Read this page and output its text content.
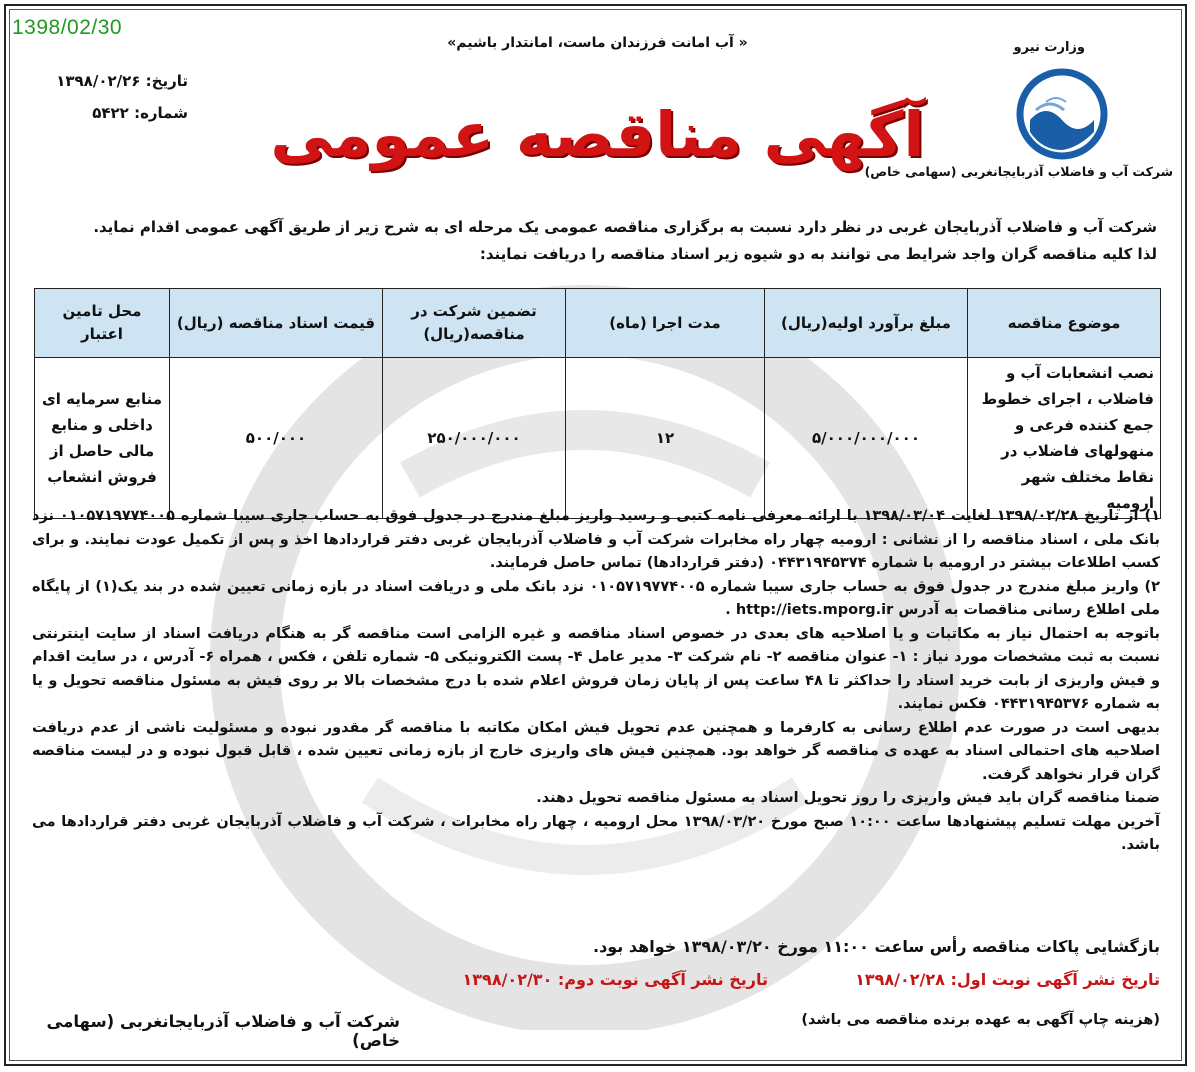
1398/02/30
« آب امانت فرزندان ماست، امانتدار باشیم»	وزارت نیرو
شرکت آب و فاضلاب آذربایجانغربی (سهامی خاص)
تاریخ: ۱۳۹۸/۰۲/۲۶
شماره: ۵۴۲۲	آگهی مناقصه عمومی
شرکت آب و فاضلاب آذربایجان غربی در نظر دارد نسبت به برگزاری مناقصه عمومی یک مرحله ای به شرح زیر از طریق آگهی عمومی اقدام نماید.
لذا کلیه مناقصه گران واجد شرایط می توانند به دو شیوه زیر اسناد مناقصه را دریافت نمایند:
موضوع مناقصه	مبلغ برآورد اولیه(ریال)	مدت اجرا (ماه)	تضمین شرکت در مناقصه(ریال)	قیمت اسناد مناقصه (ریال)	محل تامین اعتبار
نصب انشعابات آب و فاضلاب ، اجرای خطوط جمع کننده فرعی و منهولهای فاضلاب در نقاط مختلف شهر ارومیه	۵/۰۰۰/۰۰۰/۰۰۰	۱۲	۲۵۰/۰۰۰/۰۰۰	۵۰۰/۰۰۰	منابع سرمایه ای داخلی و منابع مالی حاصل از فروش انشعاب

۱) از تاریخ ۱۳۹۸/۰۲/۲۸ لغایت ۱۳۹۸/۰۳/۰۴ با ارائه معرفی نامه کتبی و رسید واریز مبلغ مندرج در جدول فوق به حساب جاری سیبا شماره ۰۱۰۵۷۱۹۷۷۴۰۰۵ نزد بانک ملی ، اسناد مناقصه را از نشانی : ارومیه چهار راه مخابرات شرکت آب و فاضلاب آذربایجان غربی دفتر قراردادها اخذ و پس از تکمیل عودت نمایند. و برای کسب اطلاعات بیشتر در ارومیه با شماره ۰۴۴۳۱۹۴۵۳۷۴ (دفتر قراردادها) تماس حاصل فرمایند.

۲) واریز مبلغ مندرج در جدول فوق به حساب جاری سیبا شماره ۰۱۰۵۷۱۹۷۷۴۰۰۵ نزد بانک ملی و دریافت اسناد در بازه زمانی تعیین شده در بند یک(۱) از پایگاه ملی اطلاع رسانی مناقصات به آدرس http://iets.mporg.ir .

باتوجه به احتمال نیاز به مکاتبات و یا اصلاحیه های بعدی در خصوص اسناد مناقصه و غیره الزامی است مناقصه گر به هنگام دریافت اسناد از سایت اینترنتی نسبت به ثبت مشخصات مورد نیاز : ۱- عنوان مناقصه ۲- نام شرکت ۳- مدیر عامل ۴- پست الکترونیکی ۵- شماره تلفن ، فکس ، همراه ۶- آدرس ، در سایت اقدام و فیش واریزی از بابت خرید اسناد را حداکثر تا ۴۸ ساعت پس از پایان زمان فروش اعلام شده با درج مشخصات بالا بر روی فیش به مسئول مناقصه تحویل و یا به شماره ۰۴۴۳۱۹۴۵۳۷۶ فکس نمایند.

بدیهی است در صورت عدم اطلاع رسانی به کارفرما و همچنین عدم تحویل فیش امکان مکاتبه با مناقصه گر مقدور نبوده و مسئولیت ناشی از عدم دریافت اصلاحیه های احتمالی اسناد به عهده ی مناقصه گر خواهد بود. همچنین فیش های واریزی خارج از بازه زمانی تعیین شده ، قابل قبول نبوده و در لیست مناقصه گران قرار نخواهد گرفت.

ضمنا مناقصه گران باید فیش واریزی را روز تحویل اسناد به مسئول مناقصه تحویل دهند.

آخرین مهلت تسلیم پیشنهادها ساعت ۱۰:۰۰ صبح مورخ ۱۳۹۸/۰۳/۲۰ محل ارومیه ، چهار راه مخابرات ، شرکت آب و فاضلاب آذربایجان غربی دفتر قراردادها می باشد.

بازگشایی پاکات مناقصه رأس ساعت ۱۱:۰۰ مورخ ۱۳۹۸/۰۳/۲۰ خواهد بود.
تاریخ نشر آگهی نوبت اول: ۱۳۹۸/۰۲/۲۸
تاریخ نشر آگهی نوبت دوم: ۱۳۹۸/۰۲/۳۰
شرکت آب و فاضلاب آذربایجانغربی (سهامی خاص)
(هزینه چاپ آگهی به عهده برنده مناقصه می باشد)
